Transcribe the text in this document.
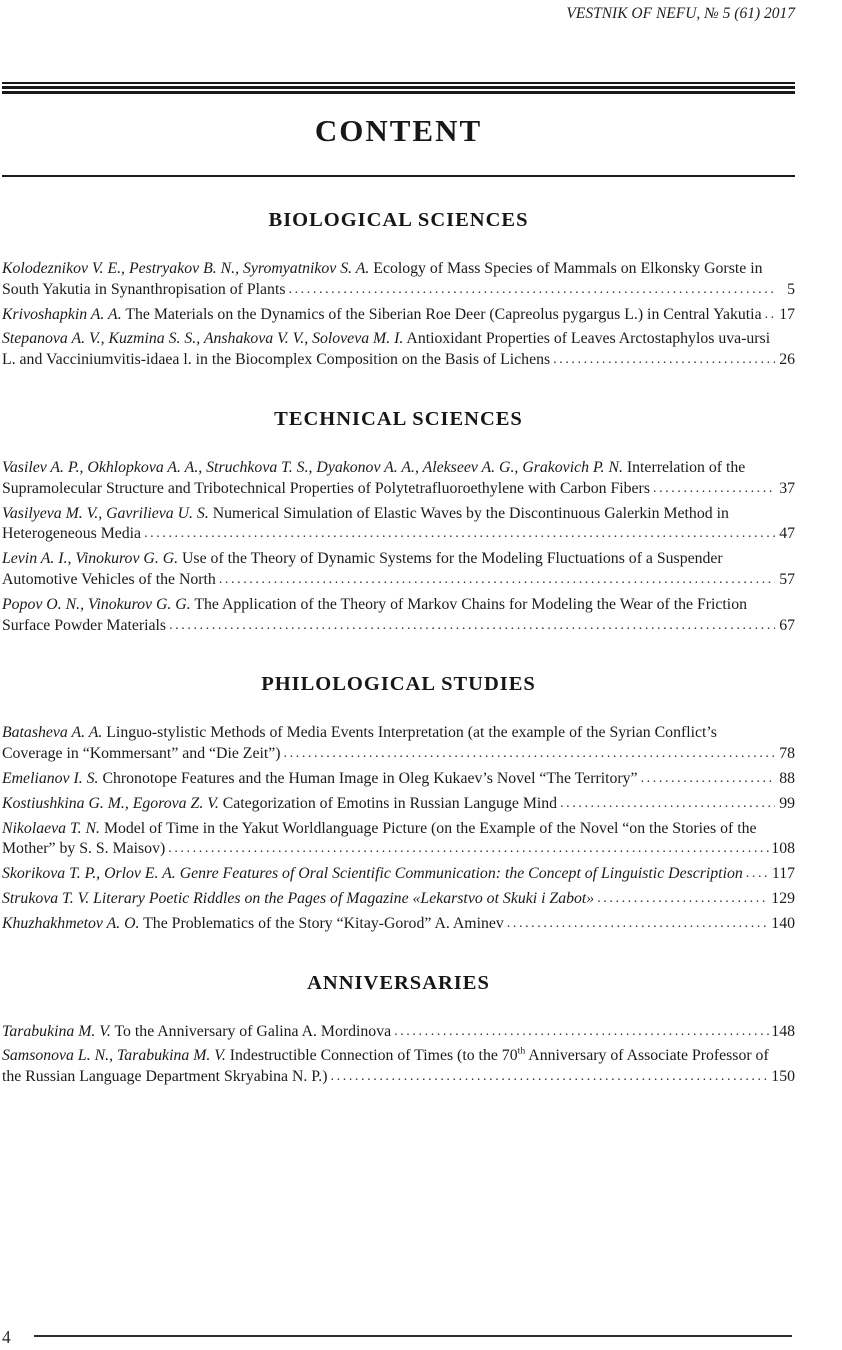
VESTNIK OF NEFU, № 5 (61) 2017
CONTENT
BIOLOGICAL SCIENCES
Kolodeznikov V. E., Pestryakov B. N., Syromyatnikov S. A. Ecology of Mass Species of Mammals on Elkonsky Gorste in South Yakutia in Synanthropisation of Plants .....	5
Krivoshapkin A. A. The Materials on the Dynamics of the Siberian Roe Deer (Capreolus pygargus L.) in Central Yakutia .....	17
Stepanova A. V., Kuzmina S. S., Anshakova V. V., Soloveva M. I. Antioxidant Properties of Leaves Arctostaphylos uva-ursi L. and Vacciniumvitis-idaea l. in the Biocomplex Composition on the Basis of Lichens .....	26
TECHNICAL SCIENCES
Vasilev A. P., Okhlopkova A. A., Struchkova T. S., Dyakonov A. A., Alekseev A. G., Grakovich P. N. Interrelation of the Supramolecular Structure and Tribotechnical Properties of Polytetrafluoroethylene with Carbon Fibers .....	37
Vasilyeva M. V., Gavrilieva U. S. Numerical Simulation of Elastic Waves by the Discontinuous Galerkin Method in Heterogeneous Media .....	47
Levin A. I., Vinokurov G. G. Use of the Theory of Dynamic Systems for the Modeling Fluctuations of a Suspender Automotive Vehicles of the North .....	57
Popov O. N., Vinokurov G. G. The Application of the Theory of Markov Chains for Modeling the Wear of the Friction Surface Powder Materials .....	67
PHILOLOGICAL STUDIES
Batasheva A. A. Linguo-stylistic Methods of Media Events Interpretation (at the example of the Syrian Conflict’s Coverage in “Kommersant” and “Die Zeit”) .....	78
Emelianov I. S. Chronotope Features and the Human Image in Oleg Kukaev’s Novel “The Territory” .....	88
Kostiushkina G. M., Egorova Z. V. Categorization of Emotins in Russian Languge Mind .....	99
Nikolaeva T. N. Model of Time in the Yakut Worldlanguage Picture (on the Example of the Novel “on the Stories of the Mother” by S. S. Maisov) .....	108
Skorikova T. P., Orlov E. A. Genre Features of Oral Scientific Communication: the Concept of Linguistic Description .....	117
Strukova T. V. Literary Poetic Riddles on the Pages of Magazine «Lekarstvo ot Skuki i Zabot» .....	129
Khuzhakhmetov A. O. The Problematics of the Story “Kitay-Gorod” A. Aminev .....	140
ANNIVERSARIES
Tarabukina M. V. To the Anniversary of Galina A. Mordinova .....	148
Samsonova L. N., Tarabukina M. V. Indestructible Connection of Times (to the 70th Anniversary of Associate Professor of the Russian Language Department Skryabina N. P.) .....	150
4
